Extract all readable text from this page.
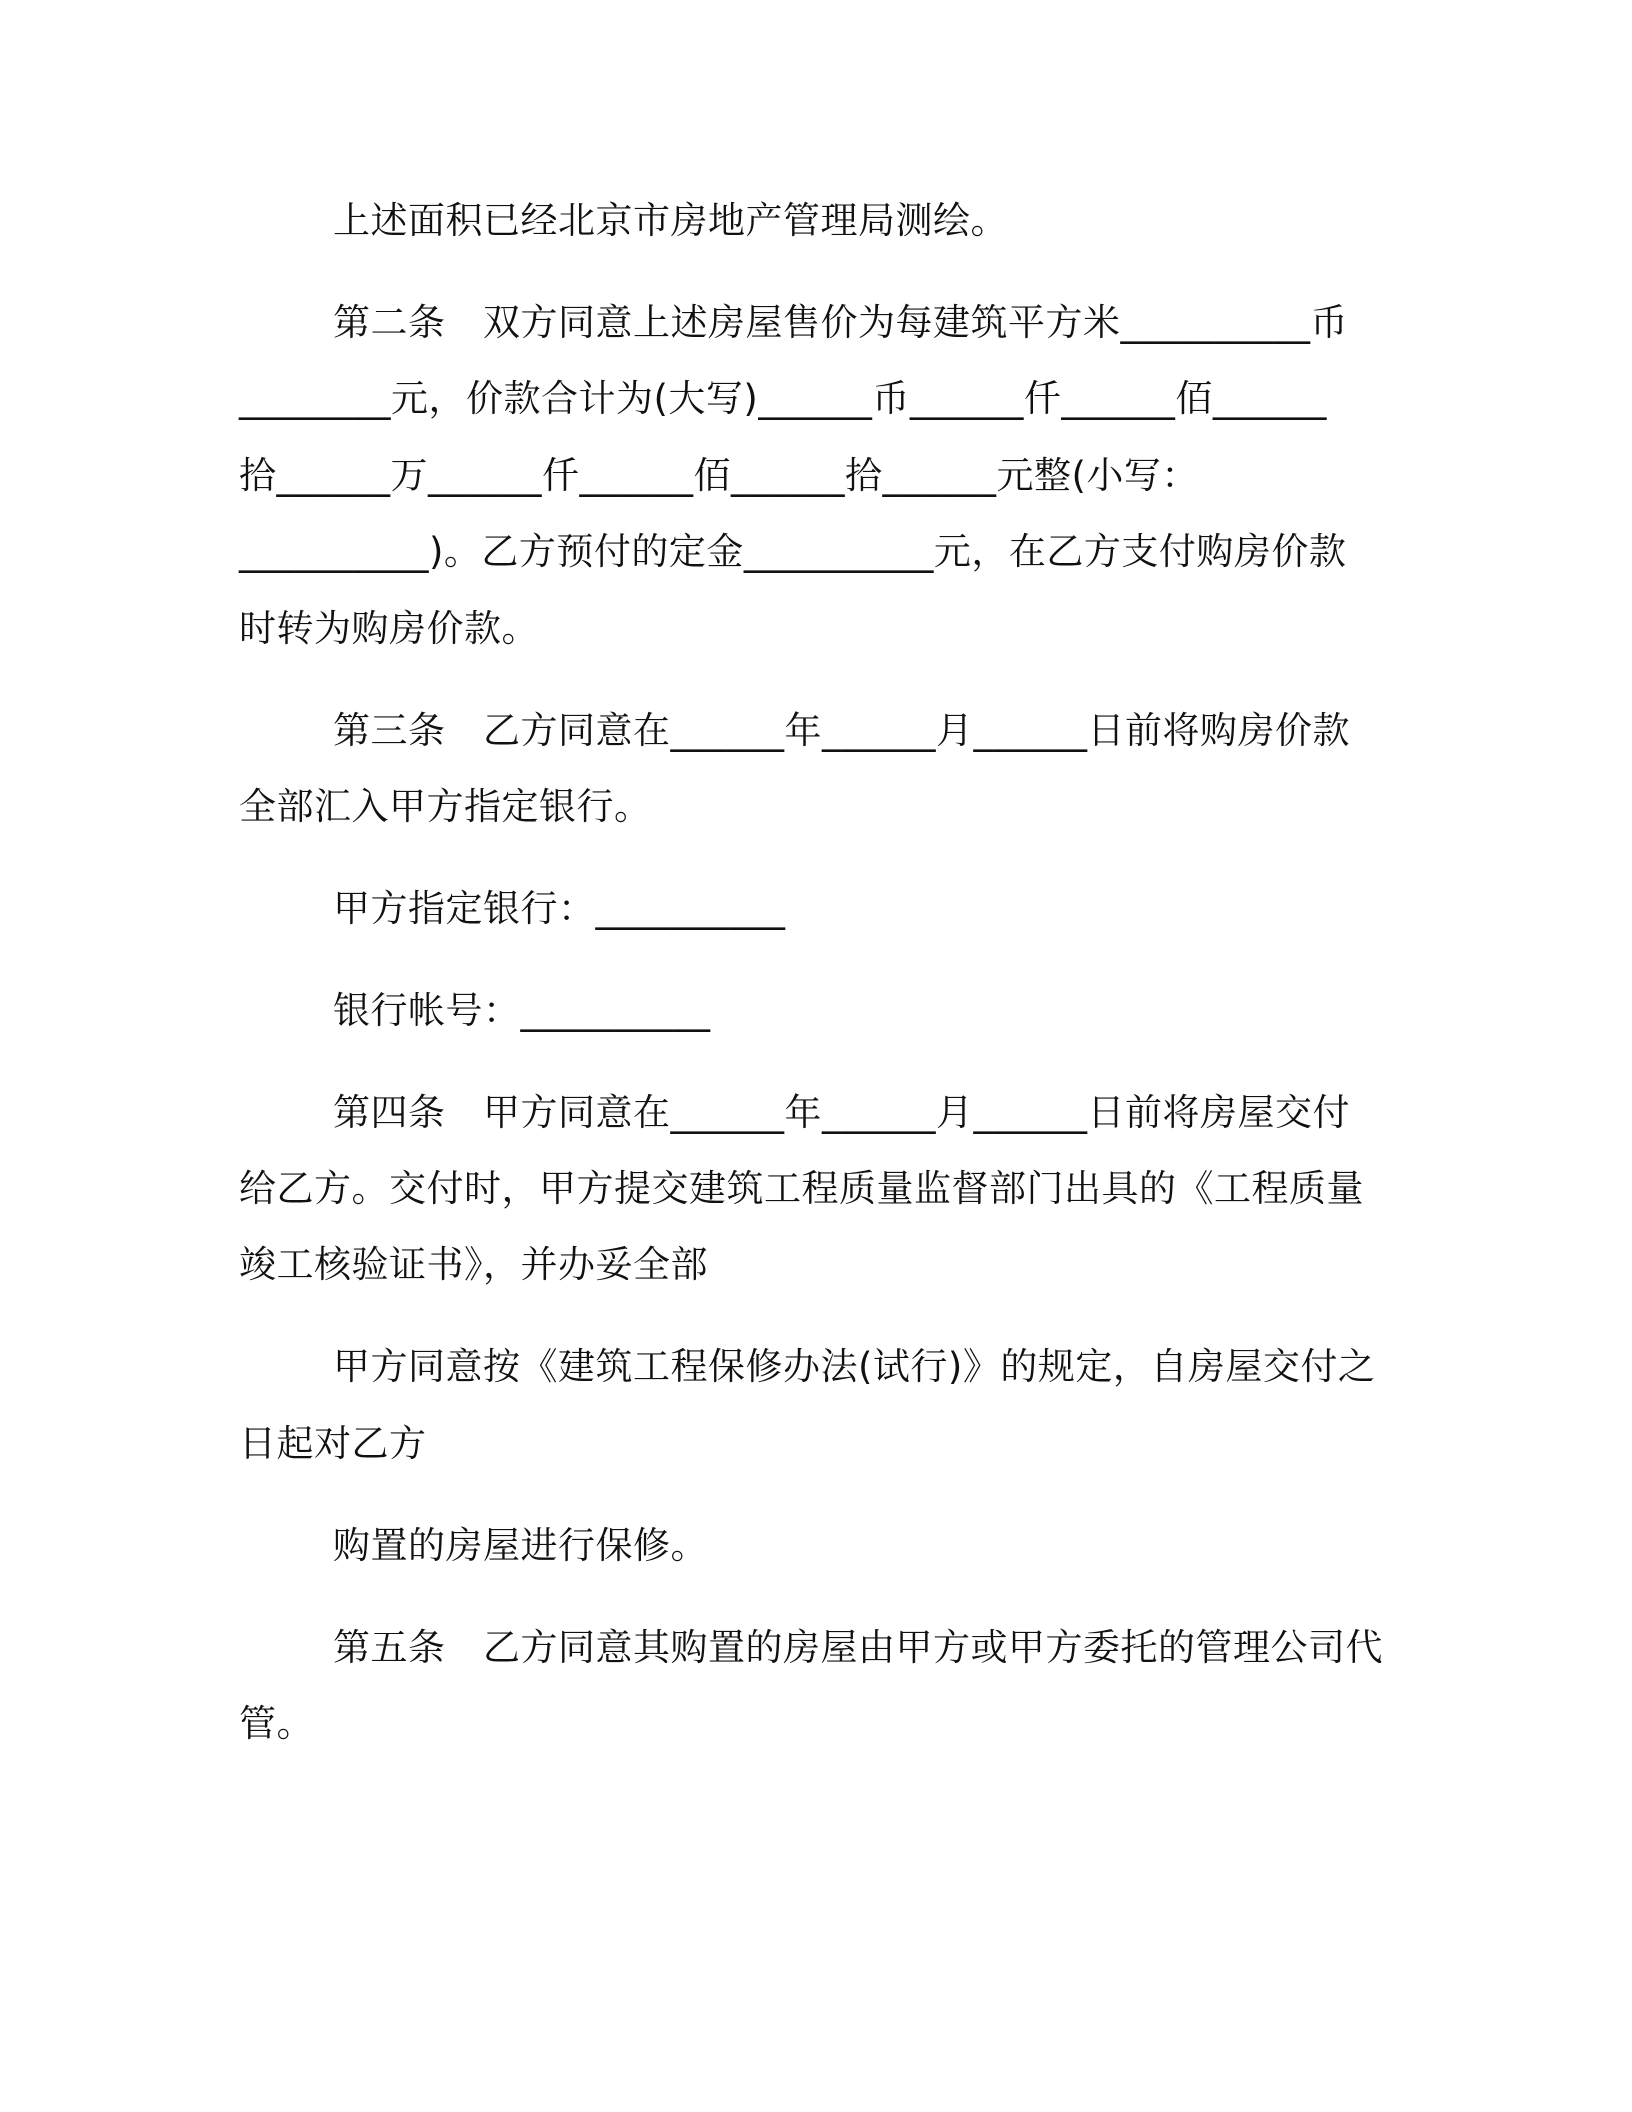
上述面积已经北京市房地产管理局测绘。

第二条　双方同意上述房屋售价为每建筑平方米__________币

________元，价款合计为(大写)______币______仟______佰______

拾______万______仟______佰______拾______元整(小写：

__________)。乙方预付的定金__________元，在乙方支付购房价款

时转为购房价款。

第三条　乙方同意在______年______月______日前将购房价款

全部汇入甲方指定银行。

甲方指定银行：__________

银行帐号：__________

第四条　甲方同意在______年______月______日前将房屋交付

给乙方。交付时，甲方提交建筑工程质量监督部门出具的《工程质量

竣工核验证书》，并办妥全部

甲方同意按《建筑工程保修办法(试行)》的规定，自房屋交付之

日起对乙方

购置的房屋进行保修。

第五条　乙方同意其购置的房屋由甲方或甲方委托的管理公司代

管。
